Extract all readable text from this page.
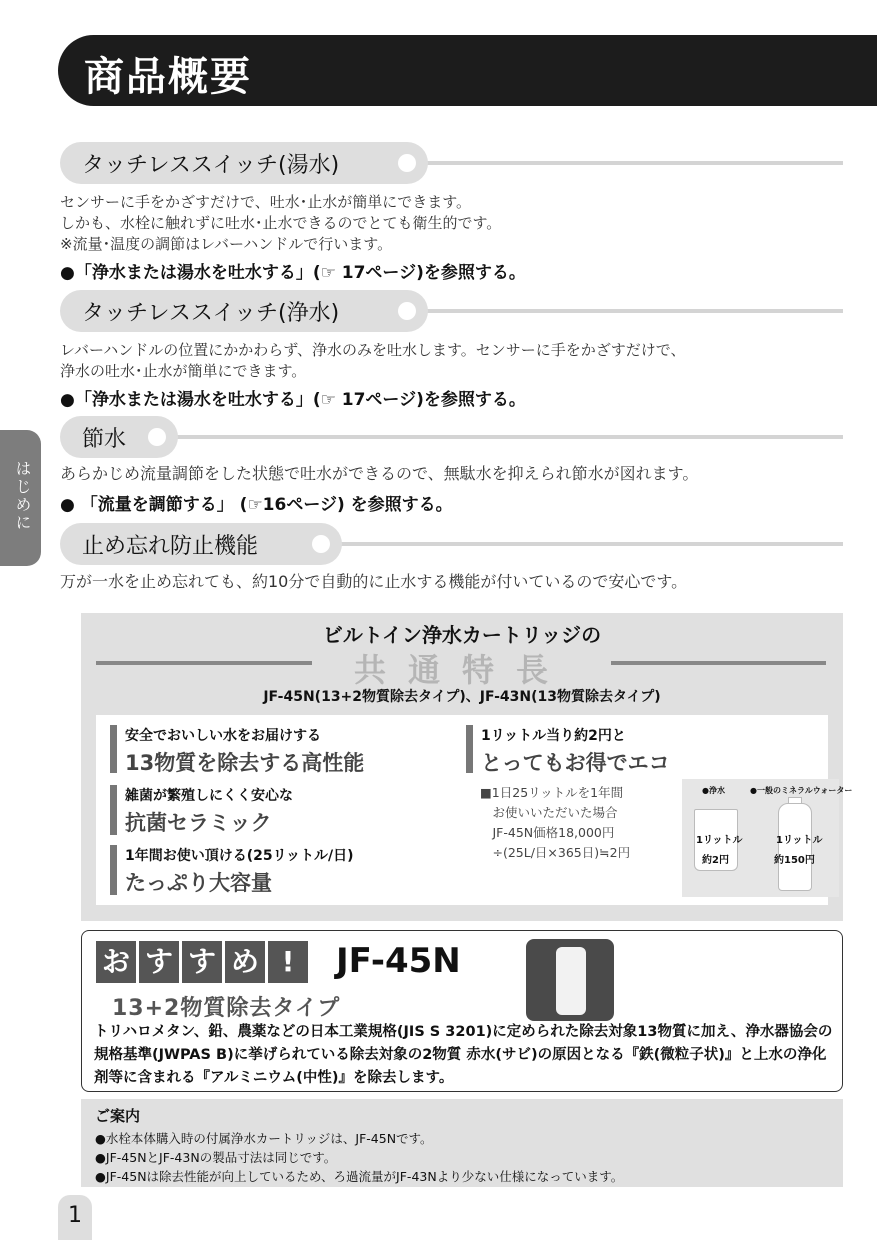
商品概要
はじめに
タッチレススイッチ(湯水)
センサーに手をかざすだけで、吐水･止水が簡単にできます。
しかも、水栓に触れずに吐水･止水できるのでとても衛生的です。
※流量･温度の調節はレバーハンドルで行います。
●「浄水または湯水を吐水する」(☞ 17ページ)を参照する。
タッチレススイッチ(浄水)
レバーハンドルの位置にかかわらず、浄水のみを吐水します。センサーに手をかざすだけで、
浄水の吐水･止水が簡単にできます。
●「浄水または湯水を吐水する」(☞ 17ページ)を参照する。
節水
あらかじめ流量調節をした状態で吐水ができるので、無駄水を抑えられ節水が図れます。
● 「流量を調節する」 (☞16ページ) を参照する。
止め忘れ防止機能
万が一水を止め忘れても、約10分で自動的に止水する機能が付いているので安心です。
ビルトイン浄水カートリッジの
共通特長
JF-45N(13+2物質除去タイプ)、JF-43N(13物質除去タイプ)
安全でおいしい水をお届けする
13物質を除去する高性能
雑菌が繁殖しにくく安心な
抗菌セラミック
1年間お使い頂ける(25リットル/日)
たっぷり大容量
1リットル当り約2円と
とってもお得でエコ
■1日25リットルを1年間
　お使いいただいた場合
　JF-45N価格18,000円
　÷(25L/日×365日)≒2円
●浄水	●一般のミネラルウォーター
1リットル
約2円
1リットル
約150円
お す す め !	JF-45N
13+2物質除去タイプ
トリハロメタン、鉛、農薬などの日本工業規格(JIS S 3201)に定められた除去対象13物質に加え、浄水器協会の規格基準(JWPAS B)に挙げられている除去対象の2物質 赤水(サビ)の原因となる『鉄(微粒子状)』と上水の浄化剤等に含まれる『アルミニウム(中性)』を除去します。
ご案内
●水栓本体購入時の付属浄水カートリッジは、JF-45Nです。
●JF-45NとJF-43Nの製品寸法は同じです。
●JF-45Nは除去性能が向上しているため、ろ過流量がJF-43Nより少ない仕様になっています。
1
